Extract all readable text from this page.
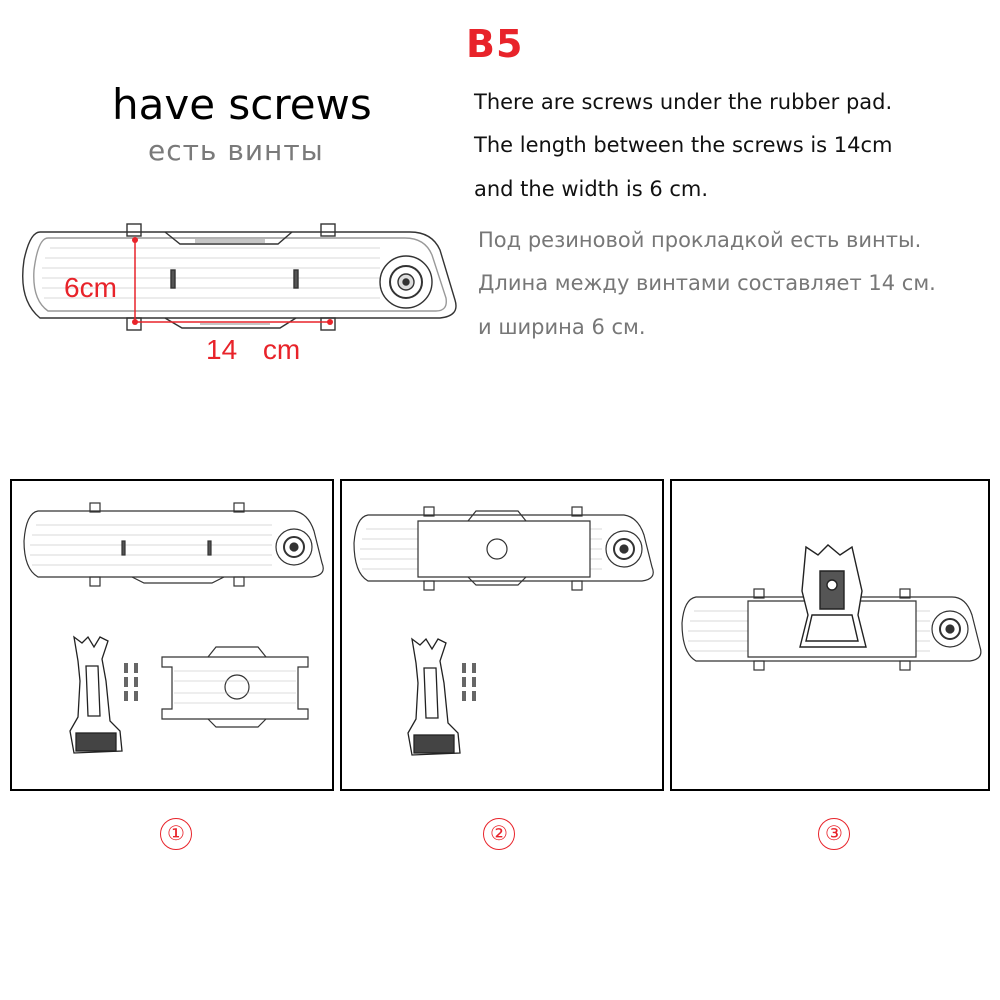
B5
have screws
есть винты
There are screws under the rubber pad.
The length between the screws is 14cm
and the width is 6 cm.
Под резиновой прокладкой есть винты.
Длина между винтами составляет 14 см.
и ширина 6 см.
6cm
14 cm
①	②	③
